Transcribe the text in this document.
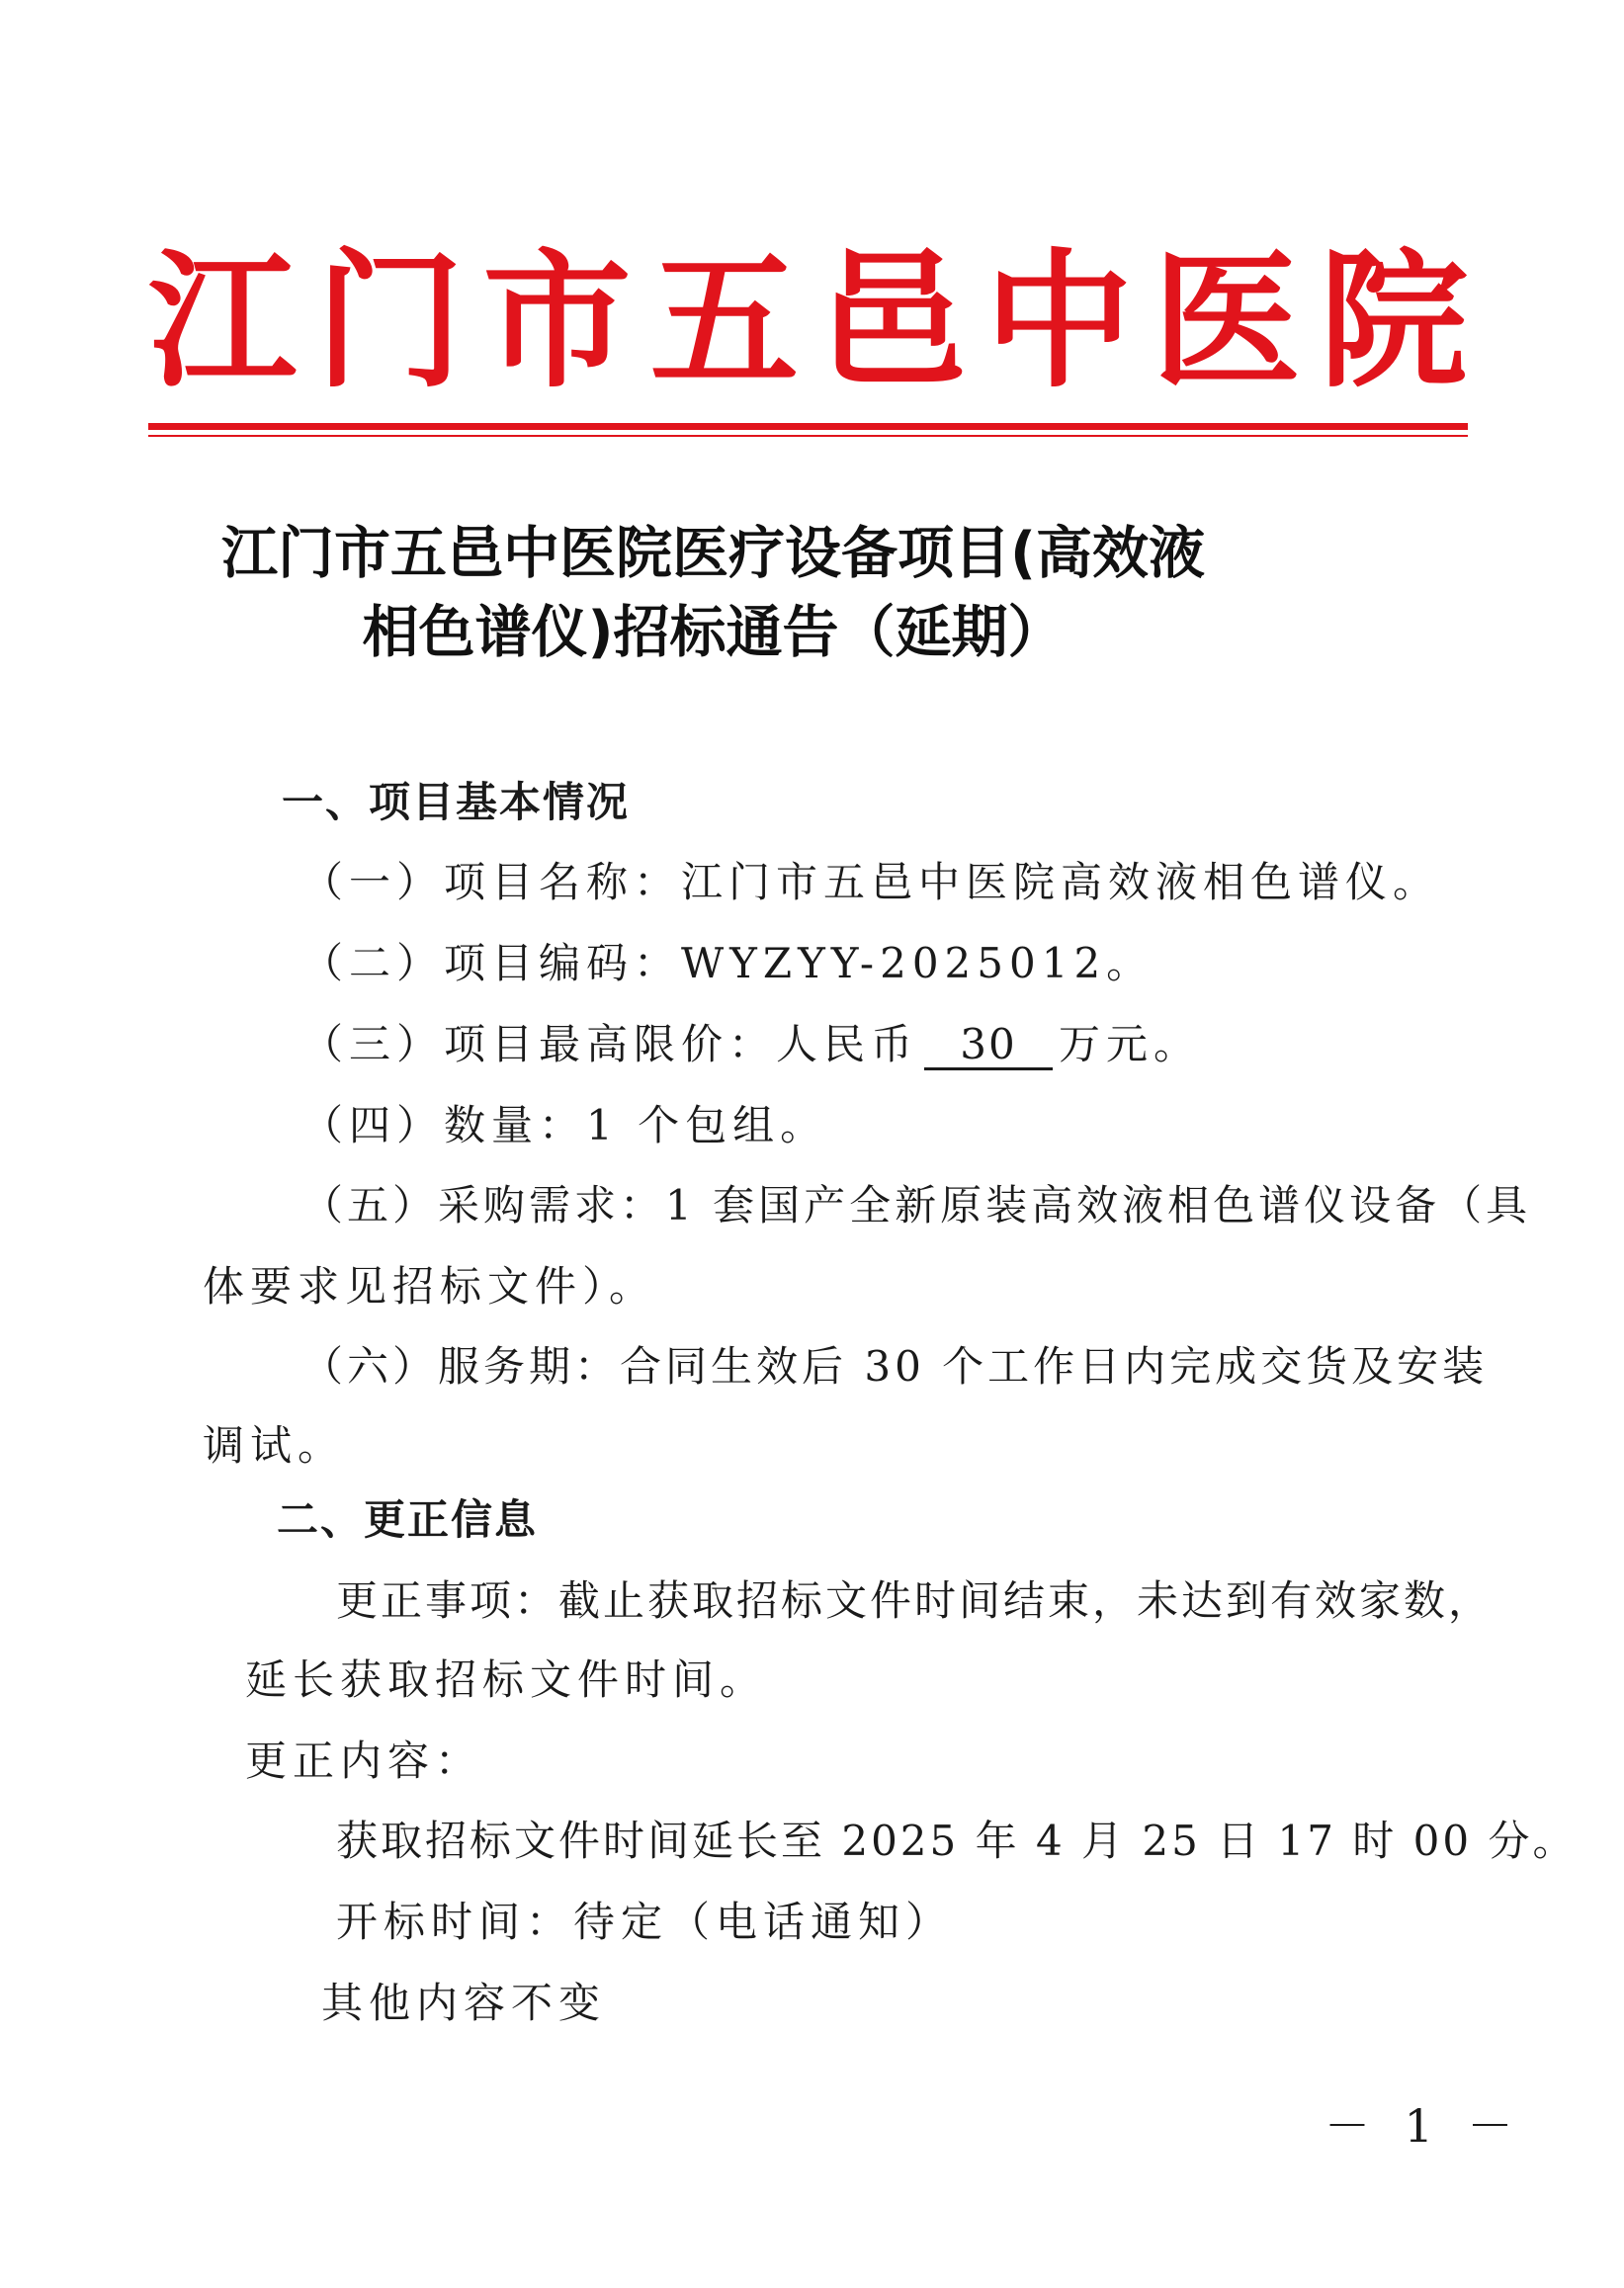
江 门 市 五 邑 中 医 院
江门市五邑中医院医疗设备项目(高效液
相色谱仪)招标通告（延期）
一、项目基本情况
（一）项目名称：江门市五邑中医院高效液相色谱仪。
（二）项目编码：WYZYY-2025012。
（三）项目最高限价：人民币 30 万元。
（四）数量：1 个包组。
（五）采购需求：1 套国产全新原装高效液相色谱仪设备（具
体要求见招标文件）。
（六）服务期：合同生效后 30 个工作日内完成交货及安装
调试。
二、更正信息
更正事项：截止获取招标文件时间结束，未达到有效家数，
延长获取招标文件时间。
更正内容：
获取招标文件时间延长至 2025 年 4 月 25 日 17 时 00 分。
开标时间：待定（电话通知）
其他内容不变
－ 1 －
